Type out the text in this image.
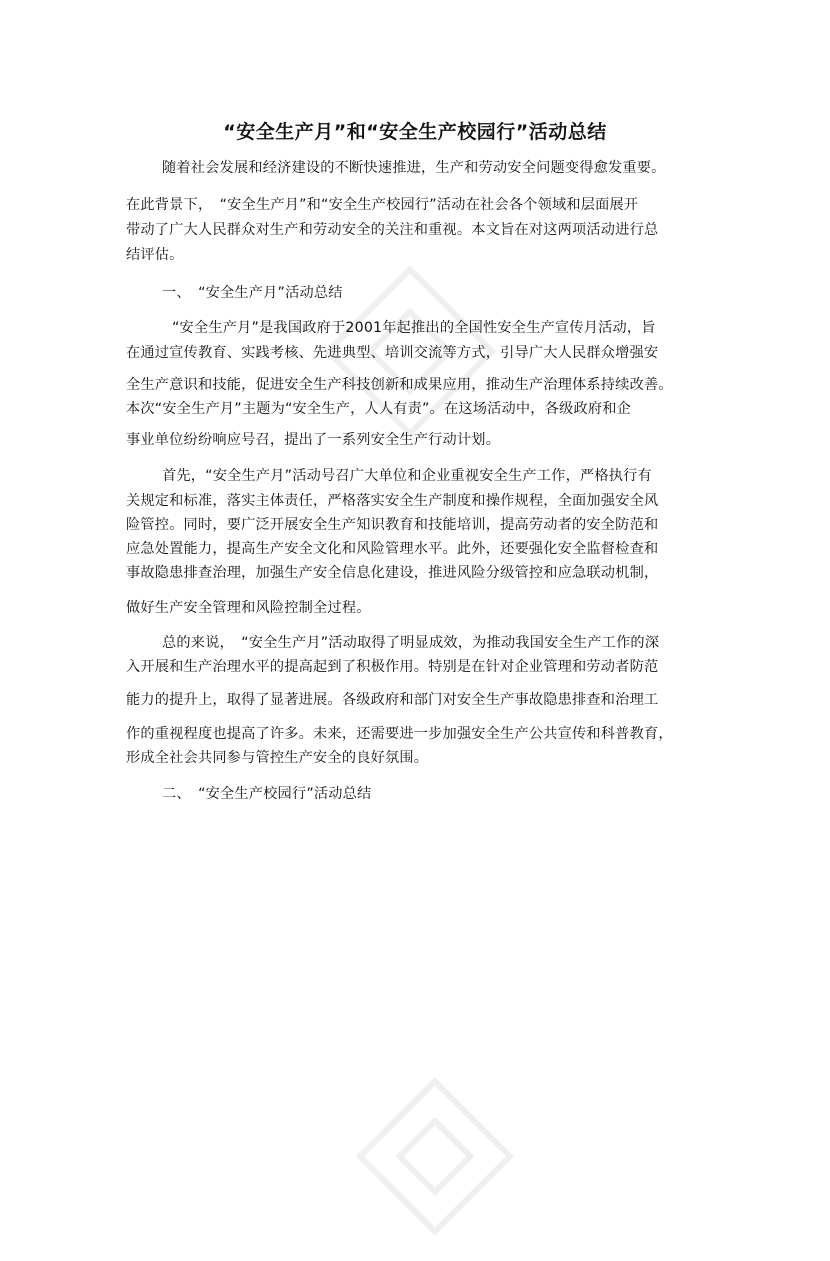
“安全生产月”和“安全生产校园行”活动总结
随着社会发展和经济建设的不断快速推进，生产和劳动安全问题变得愈发重要。
在此背景下，　“安全生产月”和“安全生产校园行”活动在社会各个领域和层面展开
带动了广大人民群众对生产和劳动安全的关注和重视。本文旨在对这两项活动进行总
结评估。
一、　“安全生产月”活动总结
“安全生产月”是我国政府于2001年起推出的全国性安全生产宣传月活动，旨
在通过宣传教育、实践考核、先进典型、培训交流等方式，引导广大人民群众增强安
全生产意识和技能，促进安全生产科技创新和成果应用，推动生产治理体系持续改善。
本次“安全生产月”主题为“安全生产，人人有责”。在这场活动中，各级政府和企
事业单位纷纷响应号召，提出了一系列安全生产行动计划。
首先，“安全生产月”活动号召广大单位和企业重视安全生产工作，严格执行有
关规定和标准，落实主体责任，严格落实安全生产制度和操作规程，全面加强安全风
险管控。同时，要广泛开展安全生产知识教育和技能培训，提高劳动者的安全防范和
应急处置能力，提高生产安全文化和风险管理水平。此外，还要强化安全监督检查和
事故隐患排查治理，加强生产安全信息化建设，推进风险分级管控和应急联动机制，
做好生产安全管理和风险控制全过程。
总的来说，　“安全生产月”活动取得了明显成效，为推动我国安全生产工作的深
入开展和生产治理水平的提高起到了积极作用。特别是在针对企业管理和劳动者防范
能力的提升上，取得了显著进展。各级政府和部门对安全生产事故隐患排查和治理工
作的重视程度也提高了许多。未来，还需要进一步加强安全生产公共宣传和科普教育，
形成全社会共同参与管控生产安全的良好氛围。
二、　“安全生产校园行”活动总结
